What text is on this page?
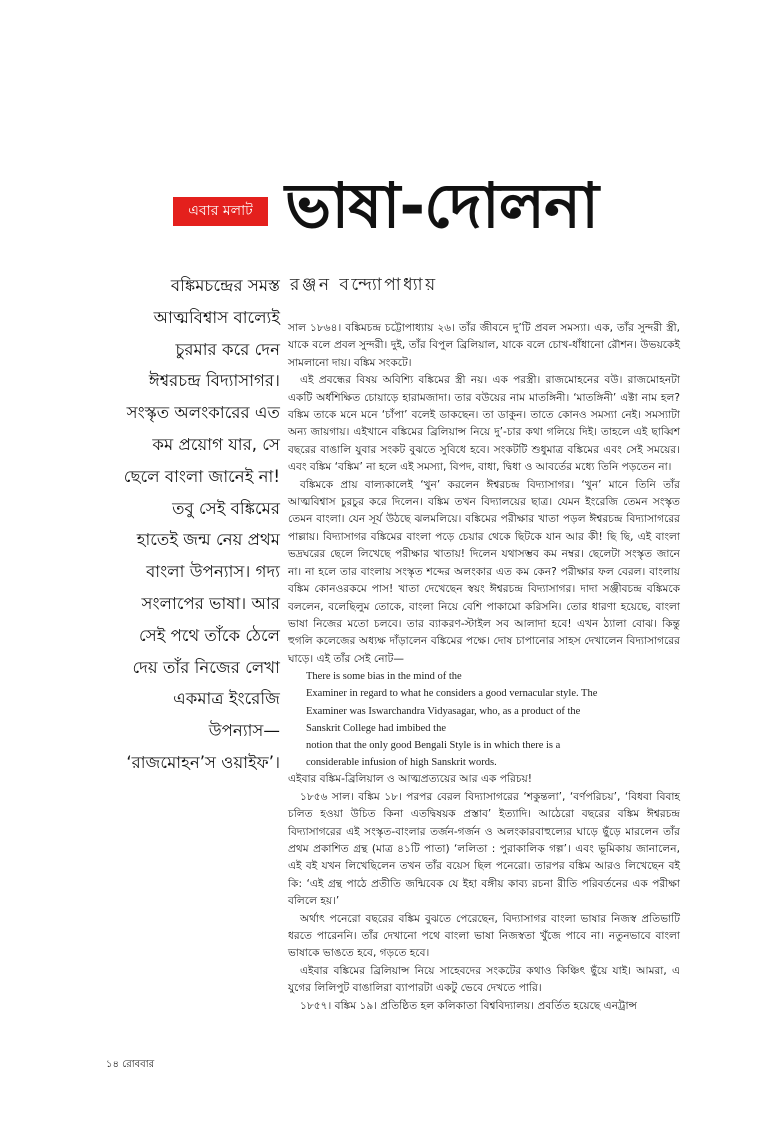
এবার মলাট ভাষা-দোলনা
রঞ্জন বন্দ্যোপাধ্যায়
বঙ্কিমচন্দ্রের সমস্ত
আত্মবিশ্বাস বাল্যেই
চুরমার করে দেন
ঈশ্বরচন্দ্র বিদ্যাসাগর।
সংস্কৃত অলংকারের এত
কম প্রয়োগ যার, সে
ছেলে বাংলা জানেই না!
তবু সেই বঙ্কিমের
হাতেই জন্ম নেয় প্রথম
বাংলা উপন্যাস। গদ্য
সংলাপের ভাষা। আর
সেই পথে তাঁকে ঠেলে
দেয় তাঁর নিজের লেখা
একমাত্র ইংরেজি
উপন্যাস—
‘রাজমোহন’স ওয়াইফ’।

সাল ১৮৬৪। বঙ্কিমচন্দ্র চট্টোপাধ্যায় ২৬। তাঁর জীবনে দু’টি প্রবল সমস্যা। এক, তাঁর সুন্দরী স্ত্রী, যাকে বলে প্রবল সুন্দরী। দুই, তাঁর বিপুল ব্রিলিয়াল, যাকে বলে চোখ-ধাঁধানো রৌশন। উভয়কেই সামলানো দায়। বঙ্কিম সংকটে।

এই প্রবন্ধের বিষয় অবিশ্যি বঙ্কিমের স্ত্রী নয়। এক পরস্ত্রী। রাজমোহনের বউ। রাজমোহনটা একটি অর্ধশিক্ষিত চোয়াড়ে হারামজাদা। তার বউয়ের নাম মাতঙ্গিনী। ‘মাতঙ্গিনী’ এক্টা নাম হল? বঙ্কিম তাকে মনে মনে ‘চাঁপা’ বলেই ডাকছেন। তা ডাকুন। তাতে কোনও সমস্যা নেই। সমস্যাটা অন্য জায়গায়। এইখানে বঙ্কিমের ব্রিলিয়ান্স নিয়ে দু’-চার কথা গলিয়ে দিই। তাহলে এই ছাব্বিশ বছরের বাঙালি যুবার সংকট বুঝতে সুবিধে হবে। সংকটটি শুধুমাত্র বঙ্কিমের এবং সেই সময়ের। এবং বঙ্কিম ‘বঙ্কিম’ না হলে এই সমস্যা, বিপদ, বাধা, দ্বিধা ও আবর্তের মধ্যে তিনি পড়তেন না।

বঙ্কিমকে প্রায় বাল্যকালেই ‘খুন’ করলেন ঈশ্বরচন্দ্র বিদ্যাসাগর। ‘খুন’ মানে তিনি তাঁর আত্মবিশ্বাস চুরচুর করে দিলেন। বঙ্কিম তখন বিদ্যালয়ের ছাত্র। যেমন ইংরেজি তেমন সংস্কৃত তেমন বাংলা। যেন সূর্য উঠছে ঝলমলিয়ে। বঙ্কিমের পরীক্ষার খাতা পড়ল ঈশ্বরচন্দ্র বিদ্যাসাগরের পাল্লায়। বিদ্যাসাগর বঙ্কিমের বাংলা পড়ে চেয়ার থেকে ছিটকে যান আর কী! ছি ছি, এই বাংলা ভদ্রঘরের ছেলে লিখেছে পরীক্ষার খাতায়! দিলেন যথাসম্ভব কম নম্বর। ছেলেটা সংস্কৃত জানে না। না হলে তার বাংলায় সংস্কৃত শব্দের অলংকার এত কম কেন? পরীক্ষার ফল বেরল। বাংলায় বঙ্কিম কোনওরকমে পাস! খাতা দেখেছেন স্বয়ং ঈশ্বরচন্দ্র বিদ্যাসাগর। দাদা সঞ্জীবচন্দ্র বঙ্কিমকে বললেন, বলেছিলুম তোকে, বাংলা নিয়ে বেশি পাকামো করিসনি। তোর ধারণা হয়েছে, বাংলা ভাষা নিজের মতো চলবে। তার ব্যাকরণ-স্টাইল সব আলাদা হবে! এখন ঠ্যালা বোঝ। কিন্তু হুগলি কলেজের অধ্যক্ষ দাঁড়ালেন বঙ্কিমের পক্ষে। দোষ চাপানোর সাহস দেখালেন বিদ্যাসাগরের ঘাড়ে। এই তাঁর সেই নোট—

There is some bias in the mind of the
Examiner in regard to what he considers a good vernacular style. The
Examiner was Iswarchandra Vidyasagar, who, as a product of the
Sanskrit College had imbibed the
notion that the only good Bengali Style is in which there is a
considerable infusion of high Sanskrit words.

এইবার বঙ্কিম-ব্রিলিয়াল ও আত্মপ্রত্যয়ের আর এক পরিচয়!

১৮৫৬ সাল। বঙ্কিম ১৮। পরপর বেরল বিদ্যাসাগরের ‘শকুন্তলা’, ‘বর্ণপরিচয়’, ‘বিধবা বিবাহ চলিত হওয়া উচিত কিনা এতদ্বিষয়ক প্রস্তাব’ ইত্যাদি। আঠেরো বছরের বঙ্কিম ঈশ্বরচন্দ্র বিদ্যাসাগরের এই সংস্কৃত-বাংলার তর্জন-গর্জন ও অলংকারবাহুল্যের ঘাড়ে ছুঁড়ে মারলেন তাঁর প্রথম প্রকাশিত গ্রন্থ (মাত্র ৪১টি পাতা) ‘ললিতা : পুরাকালিক গল্প’। এবং ভূমিকায় জানালেন, এই বই যখন লিখেছিলেন তখন তাঁর বয়েস ছিল পনেরো। তারপর বঙ্কিম আরও লিখেছেন বই কি: ‘এই গ্রন্থ পাঠে প্রতীতি জন্মিবেক যে ইহা বঙ্গীয় কাব্য রচনা রীতি পরিবর্তনের এক পরীক্ষা বলিলে হয়।’

অর্থাৎ পনেরো বছরের বঙ্কিম বুঝতে পেরেছেন, বিদ্যাসাগর বাংলা ভাষার নিজস্ব প্রতিভাটি ধরতে পারেননি। তাঁর দেখানো পথে বাংলা ভাষা নিজস্বতা খুঁজে পাবে না। নতুনভাবে বাংলা ভাষাকে ভাঙতে হবে, গড়তে হবে।

এইবার বঙ্কিমের ব্রিলিয়ান্স নিয়ে সাহেবদের সংকটের কথাও কিঞ্চিৎ ছুঁয়ে যাই। আমরা, এ যুগের লিলিপুট বাঙালিরা ব্যাপারটা একটু ভেবে দেখতে পারি।

১৮৫৭। বঙ্কিম ১৯। প্রতিষ্ঠিত হল কলিকাতা বিশ্ববিদ্যালয়। প্রবর্তিত হয়েছে এনট্রান্স

১৪ রোববার
